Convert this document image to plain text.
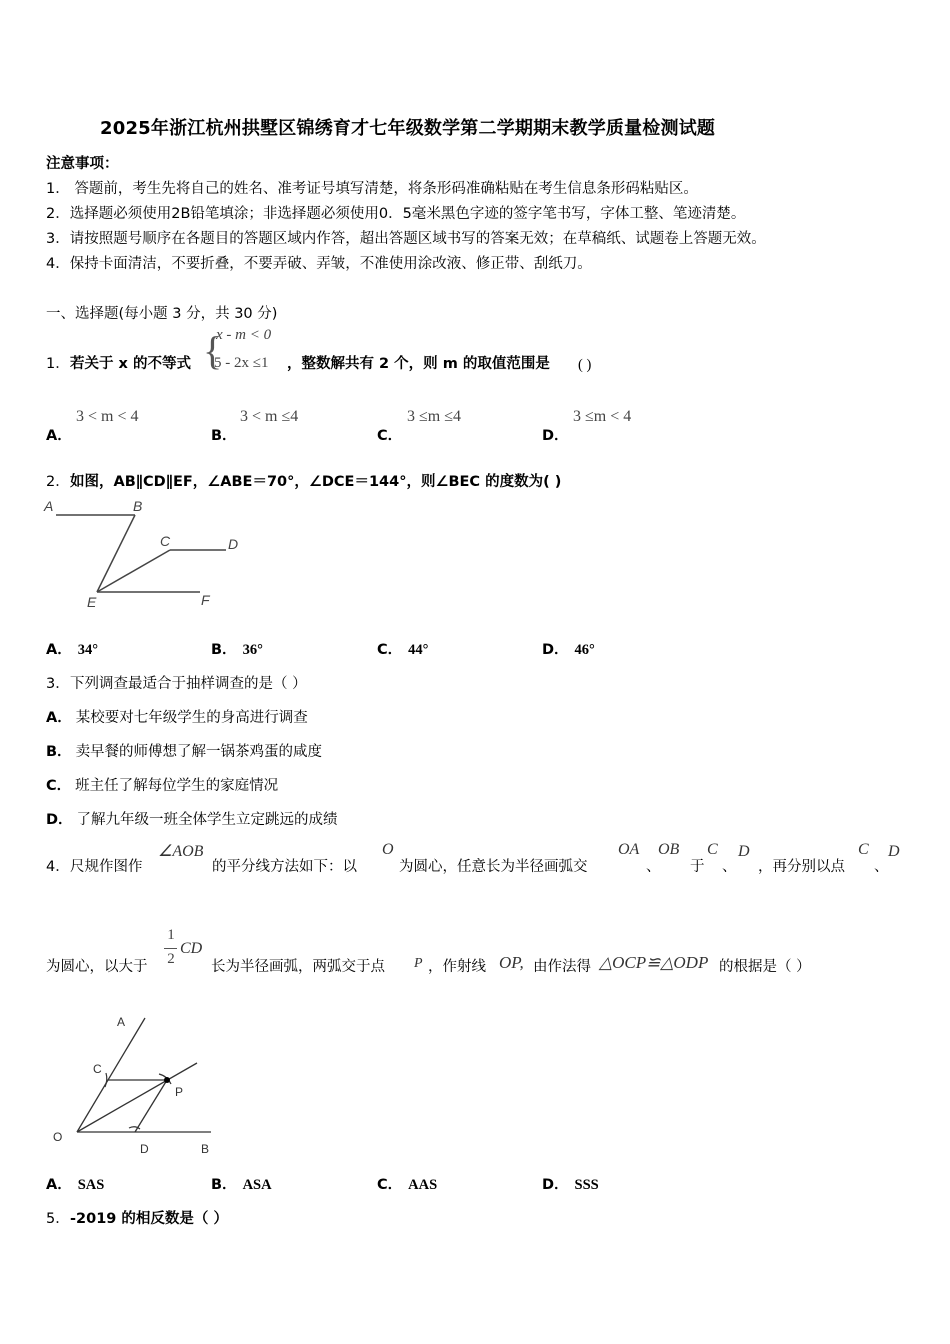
2025年浙江杭州拱墅区锦绣育才七年级数学第二学期期末教学质量检测试题
注意事项：
1． 答题前，考生先将自己的姓名、准考证号填写清楚，将条形码准确粘贴在考生信息条形码粘贴区。
2．选择题必须使用2B铅笔填涂；非选择题必须使用0．5毫米黑色字迹的签字笔书写，字体工整、笔迹清楚。
3．请按照题号顺序在各题目的答题区域内作答，超出答题区域书写的答案无效；在草稿纸、试题卷上答题无效。
4．保持卡面清洁，不要折叠，不要弄破、弄皱，不准使用涂改液、修正带、刮纸刀。
一、选择题(每小题 3 分，共 30 分)
1． 若关于 x 的不等式 {
x - m < 0
5 - 2x ≤1 ，整数解共有 2 个，则 m 的取值范围是 ( )
A．
3 < m < 4
B．
3 < m ≤4
C．
3 ≤m ≤4
D．
3 ≤m < 4
2． 如图，AB∥CD∥EF，∠ABE＝70°，∠DCE＝144°，则∠BEC 的度数为( )
A	B
C	D
E	F
A． 34°	B． 36°	C． 44°	D． 46°
3． 下列调查最适合于抽样调查的是（ ）
A． 某校要对七年级学生的身高进行调查
B． 卖早餐的师傅想了解一锅茶鸡蛋的咸度
C． 班主任了解每位学生的家庭情况
D． 了解九年级一班全体学生立定跳远的成绩
4． 尺规作图作
∠AOB
的平分线方法如下：以
O
为圆心，任意长为半径画弧交
OA
、
OB
于
C
、
D
，再分别以点
C
、
D
为圆心，以大于
1
2
CD
长为半径画弧，两弧交于点 P ，作射线 OP, 由作法得 △OCP≌△ODP 的根据是（ ）
A
C
P
O
D	B
A． SAS	B． ASA	C． AAS	D． SSS
5． -2019 的相反数是（ ）
